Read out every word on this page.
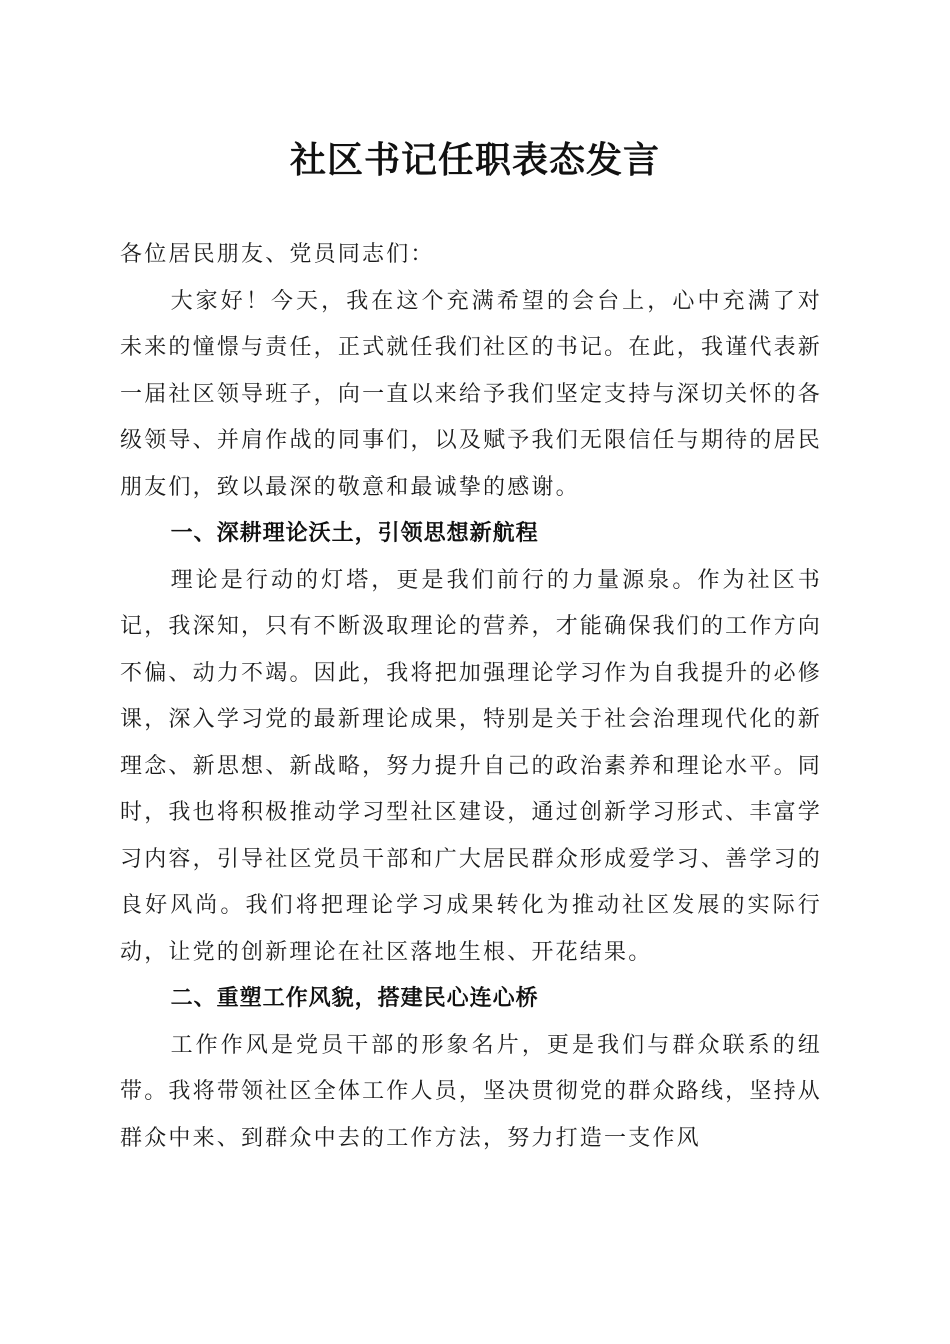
社区书记任职表态发言

各位居民朋友、党员同志们：

大家好！今天，我在这个充满希望的会台上，心中充满了对未来的憧憬与责任，正式就任我们社区的书记。在此，我谨代表新一届社区领导班子，向一直以来给予我们坚定支持与深切关怀的各级领导、并肩作战的同事们，以及赋予我们无限信任与期待的居民朋友们，致以最深的敬意和最诚挚的感谢。

一、深耕理论沃土，引领思想新航程

理论是行动的灯塔，更是我们前行的力量源泉。作为社区书记，我深知，只有不断汲取理论的营养，才能确保我们的工作方向不偏、动力不竭。因此，我将把加强理论学习作为自我提升的必修课，深入学习党的最新理论成果，特别是关于社会治理现代化的新理念、新思想、新战略，努力提升自己的政治素养和理论水平。同时，我也将积极推动学习型社区建设，通过创新学习形式、丰富学习内容，引导社区党员干部和广大居民群众形成爱学习、善学习的良好风尚。我们将把理论学习成果转化为推动社区发展的实际行动，让党的创新理论在社区落地生根、开花结果。

二、重塑工作风貌，搭建民心连心桥

工作作风是党员干部的形象名片，更是我们与群众联系的纽带。我将带领社区全体工作人员，坚决贯彻党的群众路线，坚持从群众中来、到群众中去的工作方法，努力打造一支作风
